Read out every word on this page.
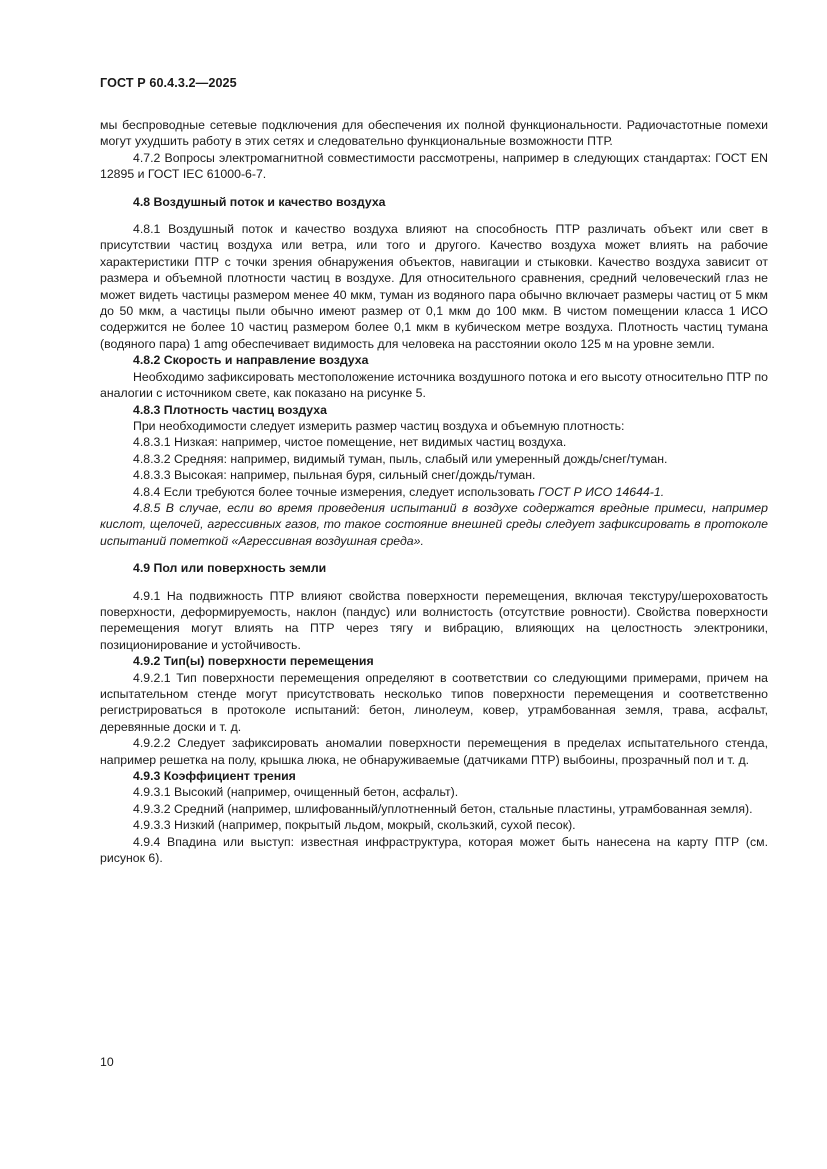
ГОСТ Р 60.4.3.2—2025

мы беспроводные сетевые подключения для обеспечения их полной функциональности. Радиочастотные помехи могут ухудшить работу в этих сетях и следовательно функциональные возможности ПТР.

4.7.2 Вопросы электромагнитной совместимости рассмотрены, например в следующих стандартах: ГОСТ EN 12895 и ГОСТ IEC 61000-6-7.

4.8 Воздушный поток и качество воздуха

4.8.1 Воздушный поток и качество воздуха влияют на способность ПТР различать объект или свет в присутствии частиц воздуха или ветра, или того и другого. Качество воздуха может влиять на рабочие характеристики ПТР с точки зрения обнаружения объектов, навигации и стыковки. Качество воздуха зависит от размера и объемной плотности частиц в воздухе. Для относительного сравнения, средний человеческий глаз не может видеть частицы размером менее 40 мкм, туман из водяного пара обычно включает размеры частиц от 5 мкм до 50 мкм, а частицы пыли обычно имеют размер от 0,1 мкм до 100 мкм. В чистом помещении класса 1 ИСО содержится не более 10 частиц размером более 0,1 мкм в кубическом метре воздуха. Плотность частиц тумана (водяного пара) 1 amg обеспечивает видимость для человека на расстоянии около 125 м на уровне земли.

4.8.2 Скорость и направление воздуха

Необходимо зафиксировать местоположение источника воздушного потока и его высоту относительно ПТР по аналогии с источником свете, как показано на рисунке 5.

4.8.3 Плотность частиц воздуха

При необходимости следует измерить размер частиц воздуха и объемную плотность:

4.8.3.1 Низкая: например, чистое помещение, нет видимых частиц воздуха.

4.8.3.2 Средняя: например, видимый туман, пыль, слабый или умеренный дождь/снег/туман.

4.8.3.3 Высокая: например, пыльная буря, сильный снег/дождь/туман.

4.8.4 Если требуются более точные измерения, следует использовать ГОСТ Р ИСО 14644-1.

4.8.5 В случае, если во время проведения испытаний в воздухе содержатся вредные примеси, например кислот, щелочей, агрессивных газов, то такое состояние внешней среды следует зафиксировать в протоколе испытаний пометкой «Агрессивная воздушная среда».

4.9 Пол или поверхность земли

4.9.1 На подвижность ПТР влияют свойства поверхности перемещения, включая текстуру/шероховатость поверхности, деформируемость, наклон (пандус) или волнистость (отсутствие ровности). Свойства поверхности перемещения могут влиять на ПТР через тягу и вибрацию, влияющих на целостность электроники, позиционирование и устойчивость.

4.9.2 Тип(ы) поверхности перемещения

4.9.2.1 Тип поверхности перемещения определяют в соответствии со следующими примерами, причем на испытательном стенде могут присутствовать несколько типов поверхности перемещения и соответственно регистрироваться в протоколе испытаний: бетон, линолеум, ковер, утрамбованная земля, трава, асфальт, деревянные доски и т. д.

4.9.2.2 Следует зафиксировать аномалии поверхности перемещения в пределах испытательного стенда, например решетка на полу, крышка люка, не обнаруживаемые (датчиками ПТР) выбоины, прозрачный пол и т. д.

4.9.3 Коэффициент трения

4.9.3.1 Высокий (например, очищенный бетон, асфальт).

4.9.3.2 Средний (например, шлифованный/уплотненный бетон, стальные пластины, утрамбованная земля).

4.9.3.3 Низкий (например, покрытый льдом, мокрый, скользкий, сухой песок).

4.9.4 Впадина или выступ: известная инфраструктура, которая может быть нанесена на карту ПТР (см. рисунок 6).

10
